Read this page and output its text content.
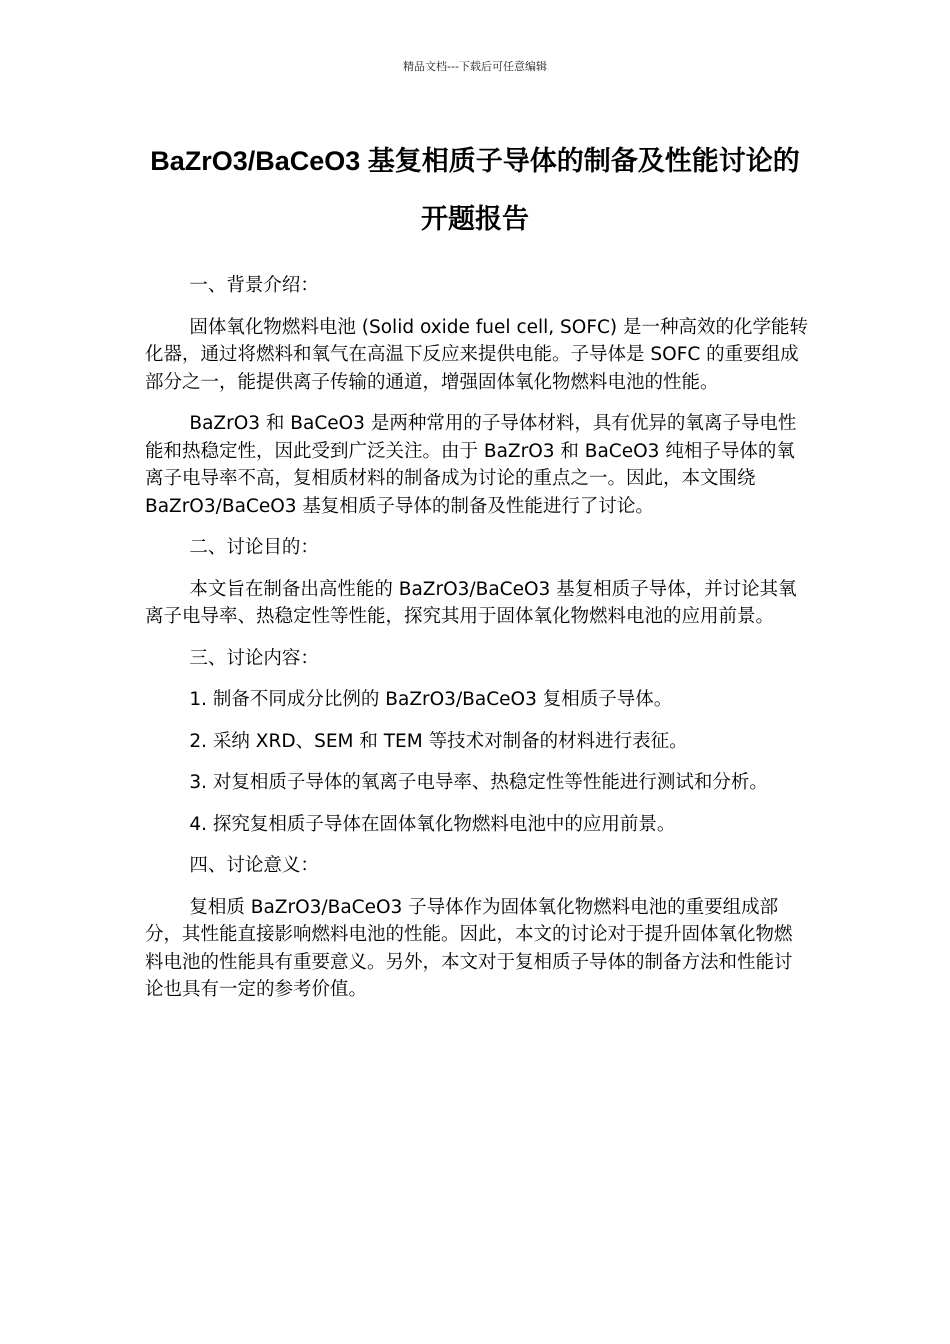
精品文档---下载后可任意编辑
BaZrO3/BaCeO3 基复相质子导体的制备及性能讨论的开题报告

一、背景介绍：

固体氧化物燃料电池 (Solid oxide fuel cell, SOFC) 是一种高效的化学能转化器，通过将燃料和氧气在高温下反应来提供电能。子导体是 SOFC 的重要组成部分之一，能提供离子传输的通道，增强固体氧化物燃料电池的性能。

BaZrO3 和 BaCeO3 是两种常用的子导体材料，具有优异的氧离子导电性能和热稳定性，因此受到广泛关注。由于 BaZrO3 和 BaCeO3 纯相子导体的氧离子电导率不高，复相质材料的制备成为讨论的重点之一。因此，本文围绕 BaZrO3/BaCeO3 基复相质子导体的制备及性能进行了讨论。

二、讨论目的：

本文旨在制备出高性能的 BaZrO3/BaCeO3 基复相质子导体，并讨论其氧离子电导率、热稳定性等性能，探究其用于固体氧化物燃料电池的应用前景。

三、讨论内容：

1. 制备不同成分比例的 BaZrO3/BaCeO3 复相质子导体。

2. 采纳 XRD、SEM 和 TEM 等技术对制备的材料进行表征。

3. 对复相质子导体的氧离子电导率、热稳定性等性能进行测试和分析。

4. 探究复相质子导体在固体氧化物燃料电池中的应用前景。

四、讨论意义：

复相质 BaZrO3/BaCeO3 子导体作为固体氧化物燃料电池的重要组成部分，其性能直接影响燃料电池的性能。因此，本文的讨论对于提升固体氧化物燃料电池的性能具有重要意义。另外，本文对于复相质子导体的制备方法和性能讨论也具有一定的参考价值。
